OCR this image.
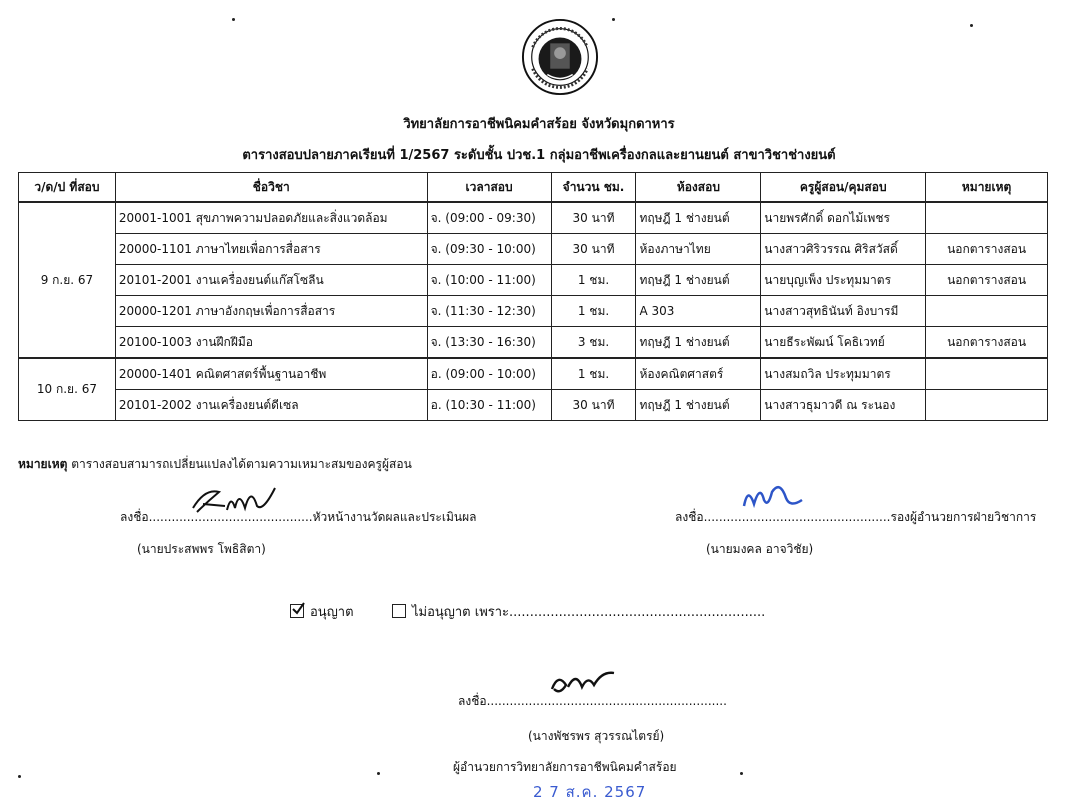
วิทยาลัยการอาชีพนิคมคำสร้อย จังหวัดมุกดาหาร
ตารางสอบปลายภาคเรียนที่ 1/2567 ระดับชั้น ปวช.1 กลุ่มอาชีพเครื่องกลและยานยนต์ สาขาวิชาช่างยนต์
ว/ด/ป ที่สอบ	ชื่อวิชา	เวลาสอบ	จำนวน ชม.	ห้องสอบ	ครูผู้สอน/คุมสอบ	หมายเหตุ
9 ก.ย. 67	20001-1001 สุขภาพความปลอดภัยและสิ่งแวดล้อม	จ. (09:00 - 09:30)	30 นาที	ทฤษฎี 1 ช่างยนต์	นายพรศักดิ์ ดอกไม้เพชร	
	20000-1101 ภาษาไทยเพื่อการสื่อสาร	จ. (09:30 - 10:00)	30 นาที	ห้องภาษาไทย	นางสาวศิริวรรณ ศิริสวัสดิ์	นอกตารางสอน
	20101-2001 งานเครื่องยนต์แก๊สโซลีน	จ. (10:00 - 11:00)	1 ชม.	ทฤษฎี 1 ช่างยนต์	นายบุญเพ็ง ประทุมมาตร	นอกตารางสอน
	20000-1201 ภาษาอังกฤษเพื่อการสื่อสาร	จ. (11:30 - 12:30)	1 ชม.	A 303	นางสาวสุทธินันท์ อิงบารมี	
	20100-1003 งานฝึกฝีมือ	จ. (13:30 - 16:30)	3 ชม.	ทฤษฎี 1 ช่างยนต์	นายธีระพัฒน์ โคธิเวทย์	นอกตารางสอน
10 ก.ย. 67	20000-1401 คณิตศาสตร์พื้นฐานอาชีพ	อ. (09:00 - 10:00)	1 ชม.	ห้องคณิตศาสตร์	นางสมถวิล ประทุมมาตร	
	20101-2002 งานเครื่องยนต์ดีเซล	อ. (10:30 - 11:00)	30 นาที	ทฤษฎี 1 ช่างยนต์	นางสาวธุมาวดี ณ ระนอง	
หมายเหตุ ตารางสอบสามารถเปลี่ยนแปลงได้ตามความเหมาะสมของครูผู้สอน
ลงชื่อ...........................................หัวหน้างานวัดผลและประเมินผล
(นายประสพพร โพธิสิตา)
ลงชื่อ.................................................รองผู้อำนวยการฝ่ายวิชาการ
(นายมงคล อาจวิชัย)
อนุญาต	ไม่อนุญาต เพราะ..............................................................
ลงชื่อ...............................................................
(นางพัชรพร สุวรรณไตรย์)
ผู้อำนวยการวิทยาลัยการอาชีพนิคมคำสร้อย
2 7 ส.ค. 2567
